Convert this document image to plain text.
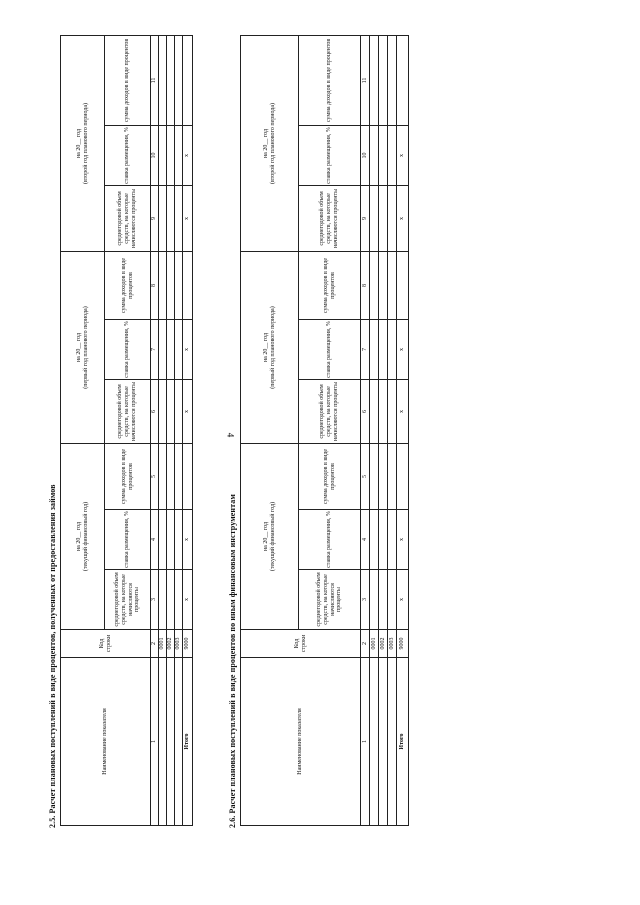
4
2.5. Расчет плановых поступлений в виде процентов, полученных от предоставления займов	Наименование показателя	Код строки	на 20__ год (текущий финансовый год)			на 20__ год (первый год планового периода)			на 20__ год (второй год планового периода)		

		среднегодовой объем средств, на которые начисляются проценты	ставка размещения, %	сумма доходов в виде процентов	среднегодовой объем средств, на которые начисляются проценты	ставка размещения, %	сумма доходов в виде процентов	среднегодовой объем средств, на которые начисляются проценты	ставка размещения, %	сумма доходов в виде процентов
1	2	3	4	5	6	7	8	9	10	11
	0001									
	0002									
	0003									
Итого	9000	x	x		x	x		x	x	
2.6. Расчет плановых поступлений в виде процентов по иным финансовым инструментам	Наименование показателя	Код строки	на 20__ год (текущий финансовый год)			на 20__ год (первый год планового периода)			на 20__ год (второй год планового периода)		

		среднегодовой объем средств, на которые начисляются проценты	ставка размещения, %	сумма доходов в виде процентов	среднегодовой объем средств, на которые начисляются проценты	ставка размещения, %	сумма доходов в виде процентов	среднегодовой объем средств, на которые начисляются проценты	ставка размещения, %	сумма доходов в виде процентов
1	2	3	4	5	6	7	8	9	10	11
	0001									
	0002									
	0003									
Итого	9000	x	x		x	x		x	x	
